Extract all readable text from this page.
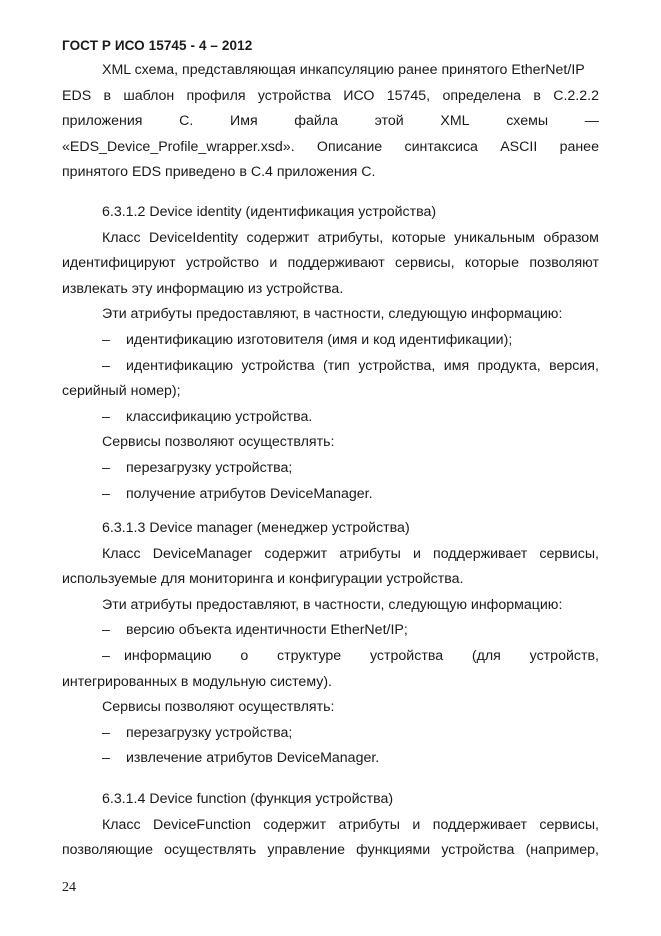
ГОСТ Р ИСО 15745 - 4 – 2012
XML схема, представляющая инкапсуляцию ранее принятого EtherNet/IP
EDS в шаблон профиля устройства ИСО 15745, определена в С.2.2.2
приложения	С.	Имя	файла	этой	XML	схемы	—
«EDS_Device_Profile_wrapper.xsd». Описание синтаксиса ASCII ранее
принятого EDS приведено в С.4 приложения С.
6.3.1.2 Device identity (идентификация устройства)
Класс DeviceIdentity содержит атрибуты, которые уникальным образом
идентифицируют устройство и поддерживают сервисы, которые позволяют
извлекать эту информацию из устройства.
Эти атрибуты предоставляют, в частности, следующую информацию:
– идентификацию изготовителя (имя и код идентификации);
– идентификацию устройства (тип устройства, имя продукта, версия,
серийный номер);
– классификацию устройства.
Сервисы позволяют осуществлять:
– перезагрузку устройства;
– получение атрибутов DeviceManager.
6.3.1.3 Device manager (менеджер устройства)
Класс DeviceManager содержит атрибуты и поддерживает сервисы,
используемые для мониторинга и конфигурации устройства.
Эти атрибуты предоставляют, в частности, следующую информацию:
– версию объекта идентичности EtherNet/IP;
– информацию о структуре устройства (для устройств,
интегрированных в модульную систему).
Сервисы позволяют осуществлять:
– перезагрузку устройства;
– извлечение атрибутов DeviceManager.
6.3.1.4 Device function (функция устройства)
Класс DeviceFunction содержит атрибуты и поддерживает сервисы,
позволяющие осуществлять управление функциями устройства (например,
24
